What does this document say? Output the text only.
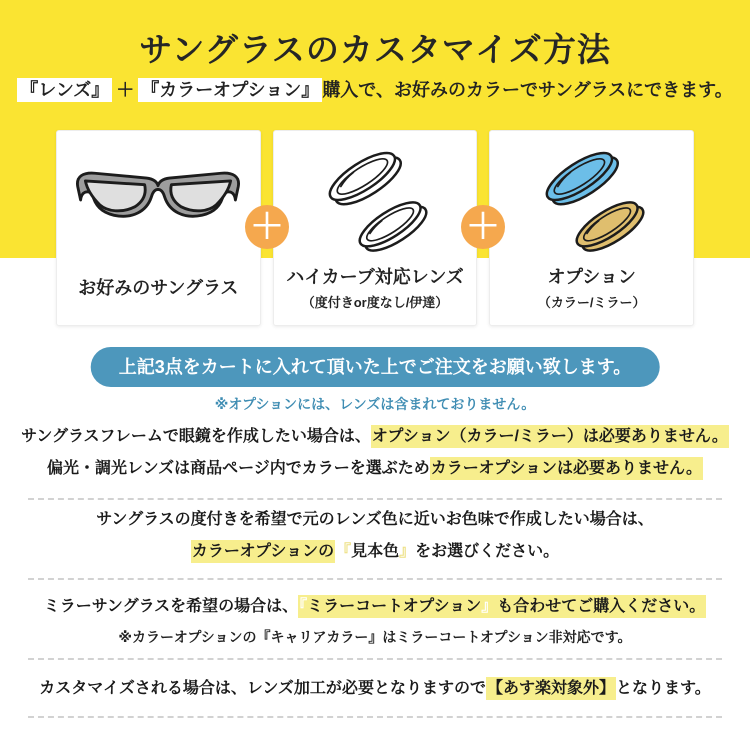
サングラスのカスタマイズ方法
『レンズ』 ＋ 『カラーオプション』 購入で、お好みのカラーでサングラスにできます。
お好みのサングラス
ハイカーブ対応レンズ
（度付きor度なし/伊達）
オプション
（カラー/ミラー）
＋	＋
上記3点をカートに入れて頂いた上でご注文をお願い致します。
※オプションには、レンズは含まれておりません。
サングラスフレームで眼鏡を作成したい場合は、オプション（カラー/ミラー）は必要ありません。
偏光・調光レンズは商品ページ内でカラーを選ぶためカラーオプションは必要ありません。
サングラスの度付きを希望で元のレンズ色に近いお色味で作成したい場合は、
カラーオプションの『見本色』をお選びください。
ミラーサングラスを希望の場合は、『ミラーコートオプション』も合わせてご購入ください。
※カラーオプションの『キャリアカラー』はミラーコートオプション非対応です。
カスタマイズされる場合は、レンズ加工が必要となりますので【あす楽対象外】となります。
